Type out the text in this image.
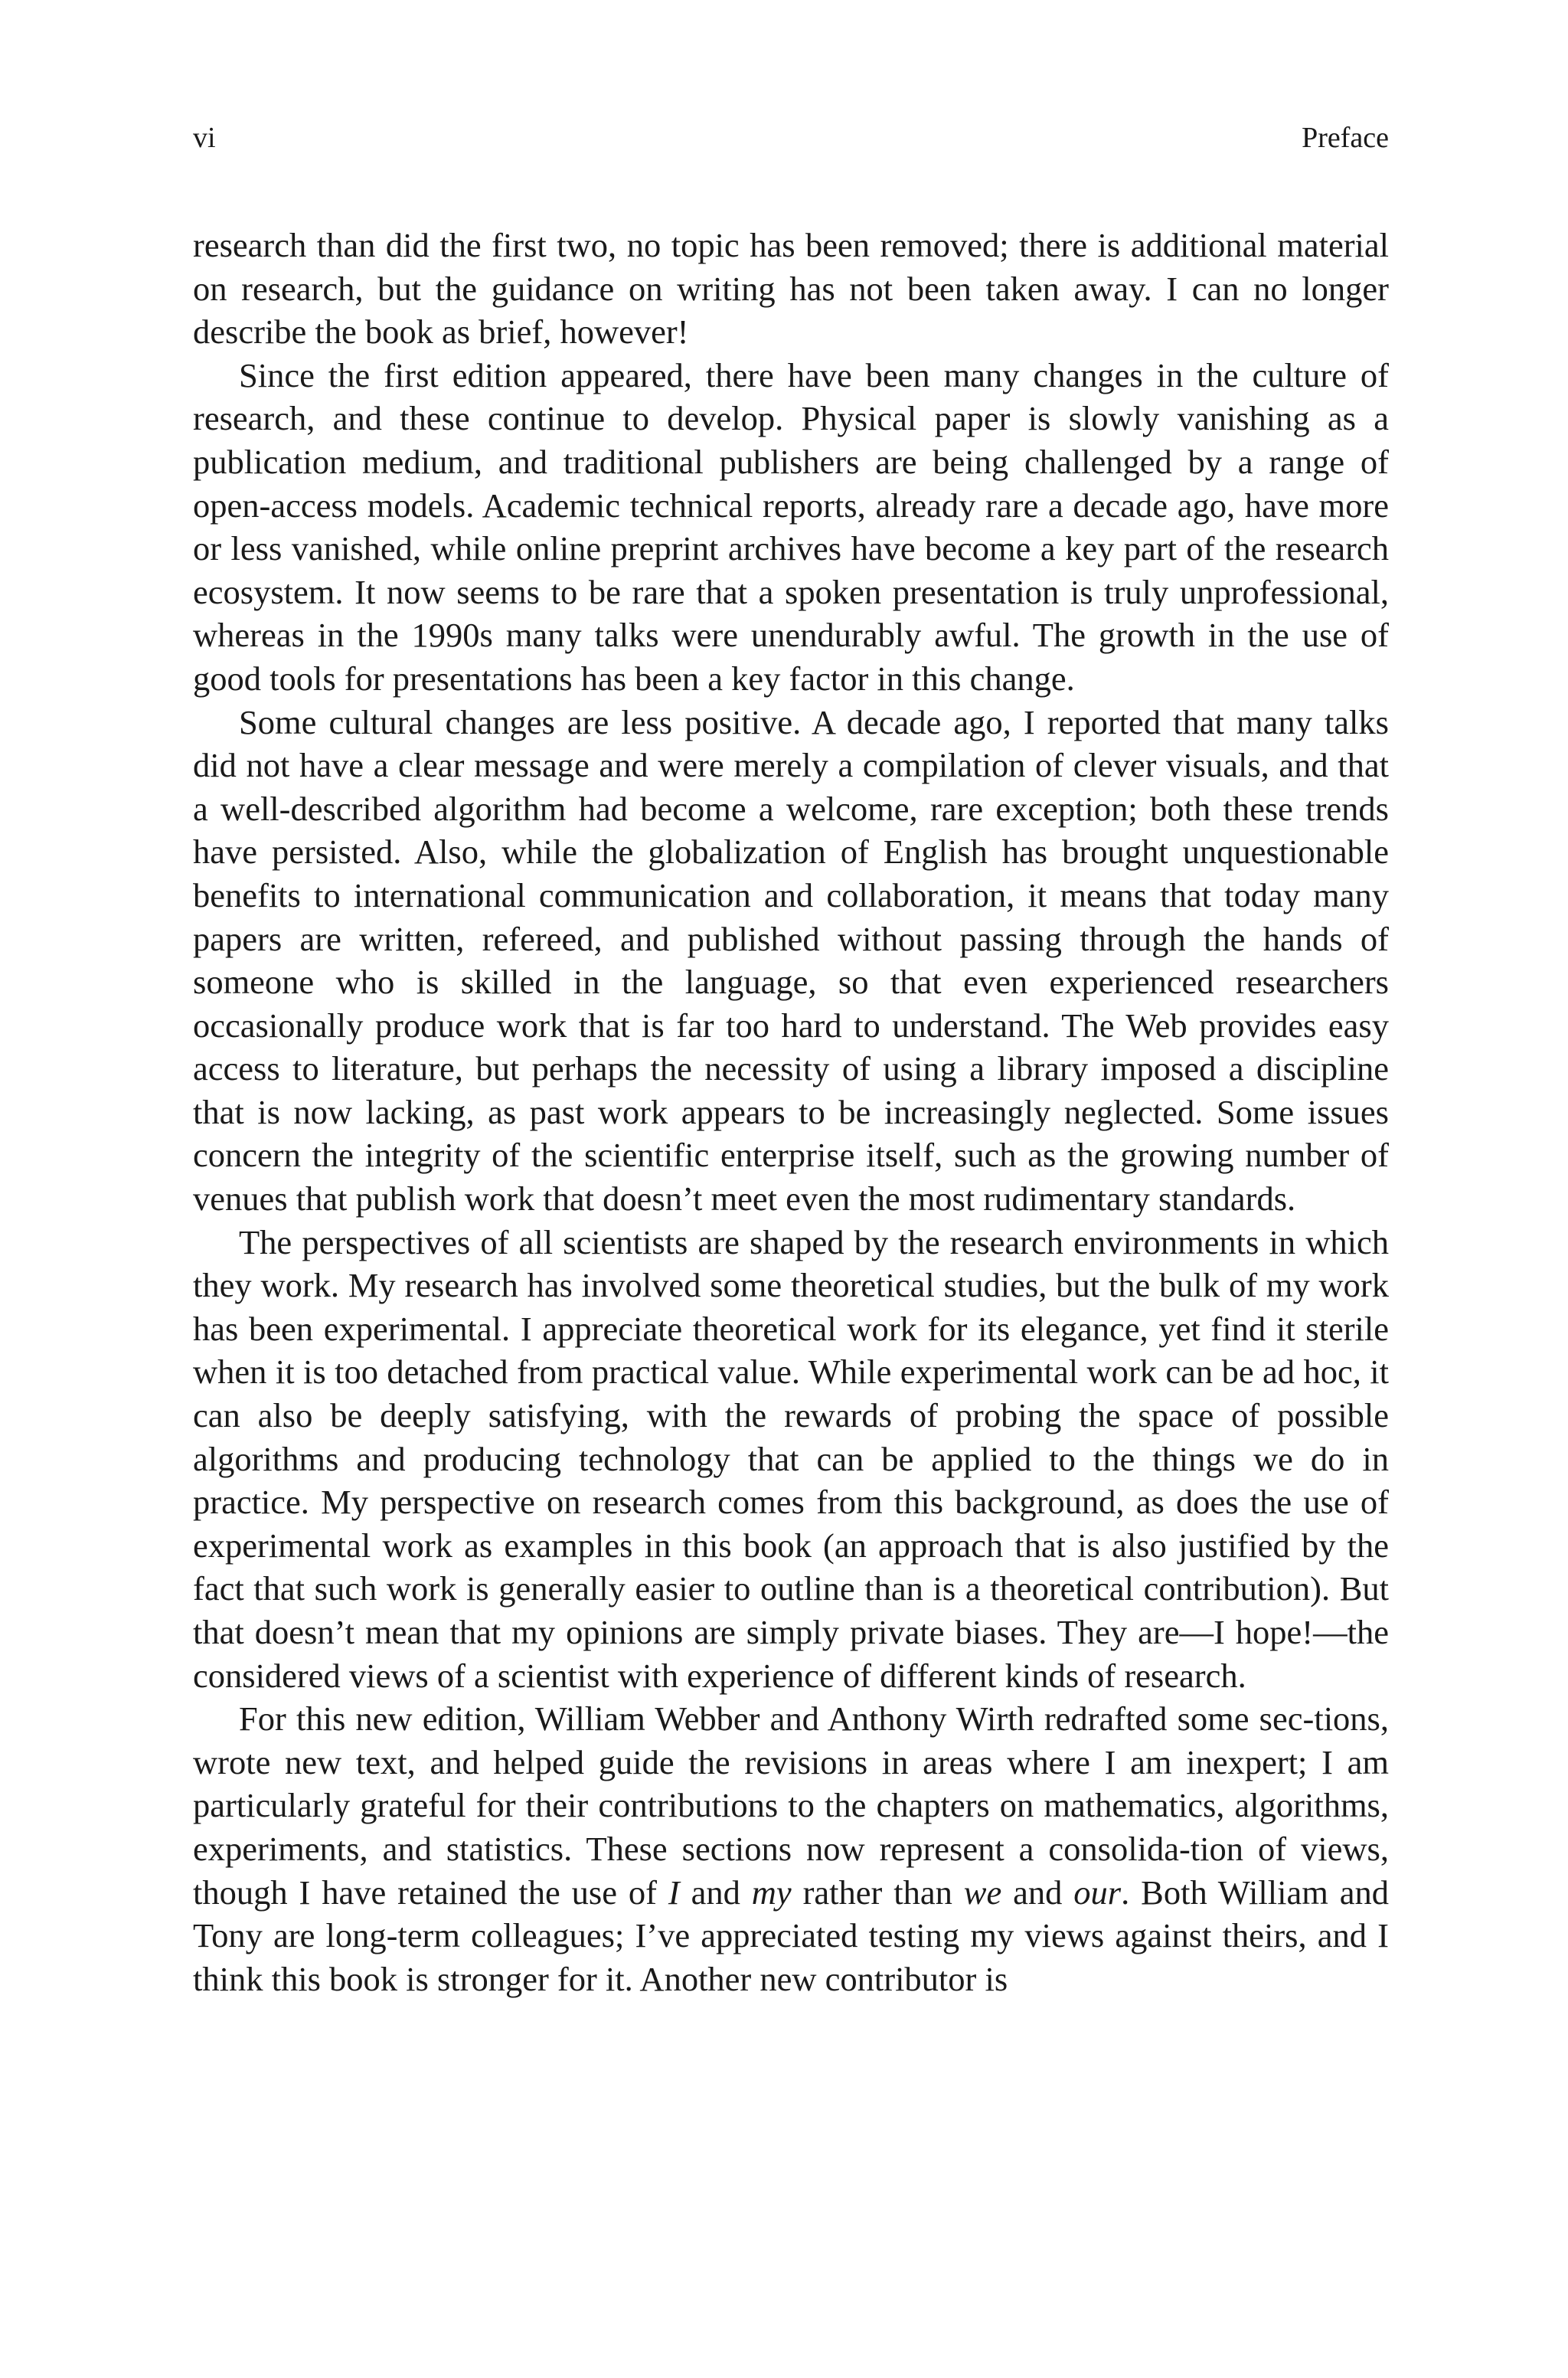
vi	Preface

research than did the first two, no topic has been removed; there is additional material on research, but the guidance on writing has not been taken away. I can no longer describe the book as brief, however!

Since the first edition appeared, there have been many changes in the culture of research, and these continue to develop. Physical paper is slowly vanishing as a publication medium, and traditional publishers are being challenged by a range of open-access models. Academic technical reports, already rare a decade ago, have more or less vanished, while online preprint archives have become a key part of the research ecosystem. It now seems to be rare that a spoken presentation is truly unprofessional, whereas in the 1990s many talks were unendurably awful. The growth in the use of good tools for presentations has been a key factor in this change.

Some cultural changes are less positive. A decade ago, I reported that many talks did not have a clear message and were merely a compilation of clever visuals, and that a well-described algorithm had become a welcome, rare exception; both these trends have persisted. Also, while the globalization of English has brought unquestionable benefits to international communication and collaboration, it means that today many papers are written, refereed, and published without passing through the hands of someone who is skilled in the language, so that even experienced researchers occasionally produce work that is far too hard to understand. The Web provides easy access to literature, but perhaps the necessity of using a library imposed a discipline that is now lacking, as past work appears to be increasingly neglected. Some issues concern the integrity of the scientific enterprise itself, such as the growing number of venues that publish work that doesn’t meet even the most rudimentary standards.

The perspectives of all scientists are shaped by the research environments in which they work. My research has involved some theoretical studies, but the bulk of my work has been experimental. I appreciate theoretical work for its elegance, yet find it sterile when it is too detached from practical value. While experimental work can be ad hoc, it can also be deeply satisfying, with the rewards of probing the space of possible algorithms and producing technology that can be applied to the things we do in practice. My perspective on research comes from this background, as does the use of experimental work as examples in this book (an approach that is also justified by the fact that such work is generally easier to outline than is a theoretical contribution). But that doesn’t mean that my opinions are simply private biases. They are—I hope!—the considered views of a scientist with experience of different kinds of research.

For this new edition, William Webber and Anthony Wirth redrafted some sec-tions, wrote new text, and helped guide the revisions in areas where I am inexpert; I am particularly grateful for their contributions to the chapters on mathematics, algorithms, experiments, and statistics. These sections now represent a consolida-tion of views, though I have retained the use of I and my rather than we and our. Both William and Tony are long-term colleagues; I’ve appreciated testing my views against theirs, and I think this book is stronger for it. Another new contributor is
